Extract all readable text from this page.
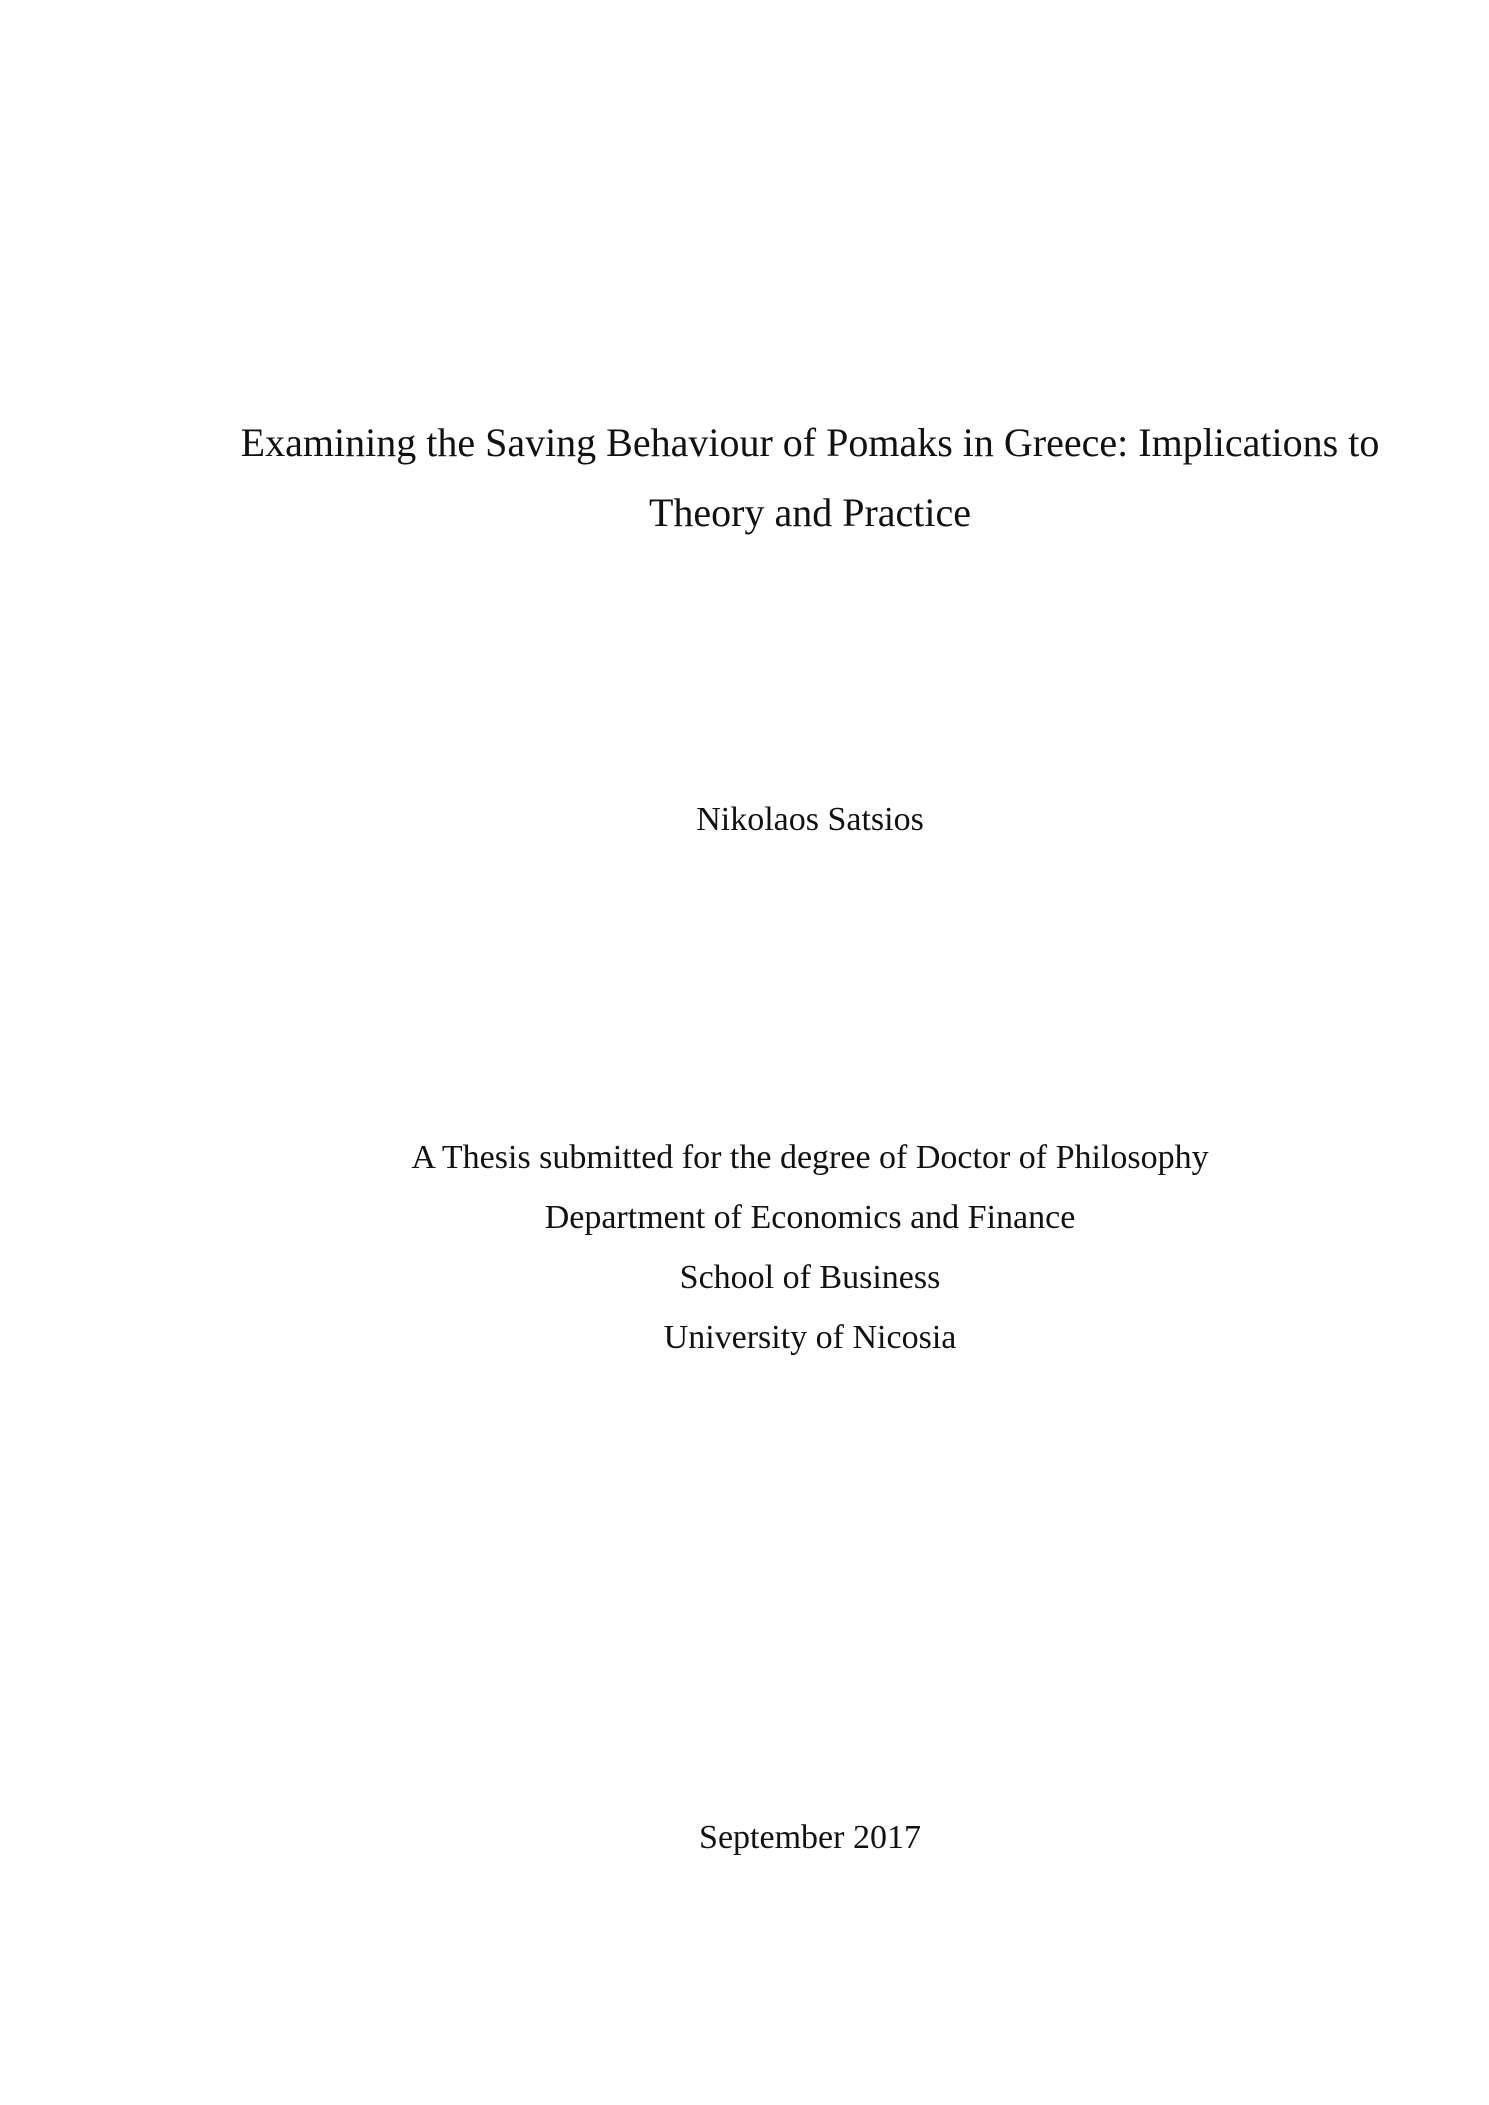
Examining the Saving Behaviour of Pomaks in Greece: Implications to
Theory and Practice
Nikolaos Satsios
A Thesis submitted for the degree of Doctor of Philosophy
Department of Economics and Finance
School of Business
University of Nicosia
September 2017
